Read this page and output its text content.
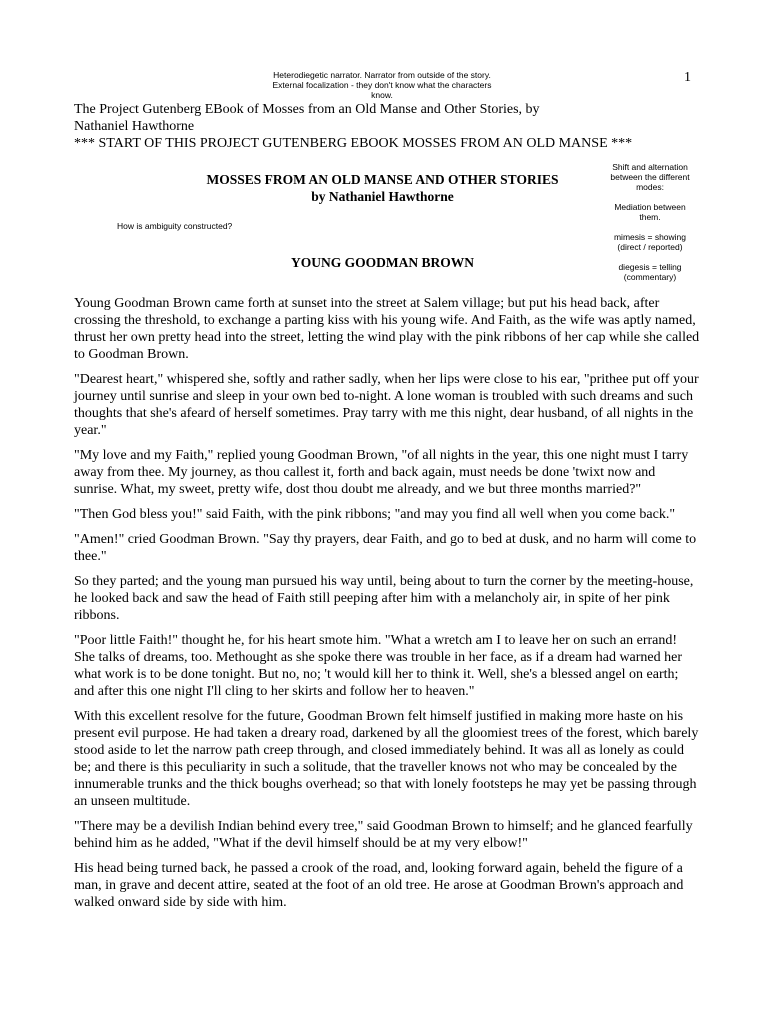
Heterodiegetic narrator. Narrator from outside of the story.
External focalization - they don't know what the characters
know.
1
The Project Gutenberg EBook of Mosses from an Old Manse and Other Stories, by
Nathaniel Hawthorne
*** START OF THIS PROJECT GUTENBERG EBOOK MOSSES FROM AN OLD MANSE ***
Shift and alternation between the different modes:
Mediation between them.
mimesis = showing (direct / reported)
diegesis = telling (commentary)
How is ambiguity constructed?
MOSSES FROM AN OLD MANSE AND OTHER STORIES
by Nathaniel Hawthorne
YOUNG GOODMAN BROWN

Young Goodman Brown came forth at sunset into the street at Salem village; but put his head back, after crossing the threshold, to exchange a parting kiss with his young wife. And Faith, as the wife was aptly named, thrust her own pretty head into the street, letting the wind play with the pink ribbons of her cap while she called to Goodman Brown.

"Dearest heart," whispered she, softly and rather sadly, when her lips were close to his ear, "prithee put off your journey until sunrise and sleep in your own bed to-night. A lone woman is troubled with such dreams and such thoughts that she's afeard of herself sometimes. Pray tarry with me this night, dear husband, of all nights in the year."

"My love and my Faith," replied young Goodman Brown, "of all nights in the year, this one night must I tarry away from thee. My journey, as thou callest it, forth and back again, must needs be done 'twixt now and sunrise. What, my sweet, pretty wife, dost thou doubt me already, and we but three months married?"

"Then God bless you!" said Faith, with the pink ribbons; "and may you find all well when you come back."

"Amen!" cried Goodman Brown. "Say thy prayers, dear Faith, and go to bed at dusk, and no harm will come to thee."

So they parted; and the young man pursued his way until, being about to turn the corner by the meeting-house, he looked back and saw the head of Faith still peeping after him with a melancholy air, in spite of her pink ribbons.

"Poor little Faith!" thought he, for his heart smote him. "What a wretch am I to leave her on such an errand! She talks of dreams, too. Methought as she spoke there was trouble in her face, as if a dream had warned her what work is to be done tonight. But no, no; 't would kill her to think it. Well, she's a blessed angel on earth; and after this one night I'll cling to her skirts and follow her to heaven."

With this excellent resolve for the future, Goodman Brown felt himself justified in making more haste on his present evil purpose. He had taken a dreary road, darkened by all the gloomiest trees of the forest, which barely stood aside to let the narrow path creep through, and closed immediately behind. It was all as lonely as could be; and there is this peculiarity in such a solitude, that the traveller knows not who may be concealed by the innumerable trunks and the thick boughs overhead; so that with lonely footsteps he may yet be passing through an unseen multitude.

"There may be a devilish Indian behind every tree," said Goodman Brown to himself; and he glanced fearfully behind him as he added, "What if the devil himself should be at my very elbow!"

His head being turned back, he passed a crook of the road, and, looking forward again, beheld the figure of a man, in grave and decent attire, seated at the foot of an old tree. He arose at Goodman Brown's approach and walked onward side by side with him.
